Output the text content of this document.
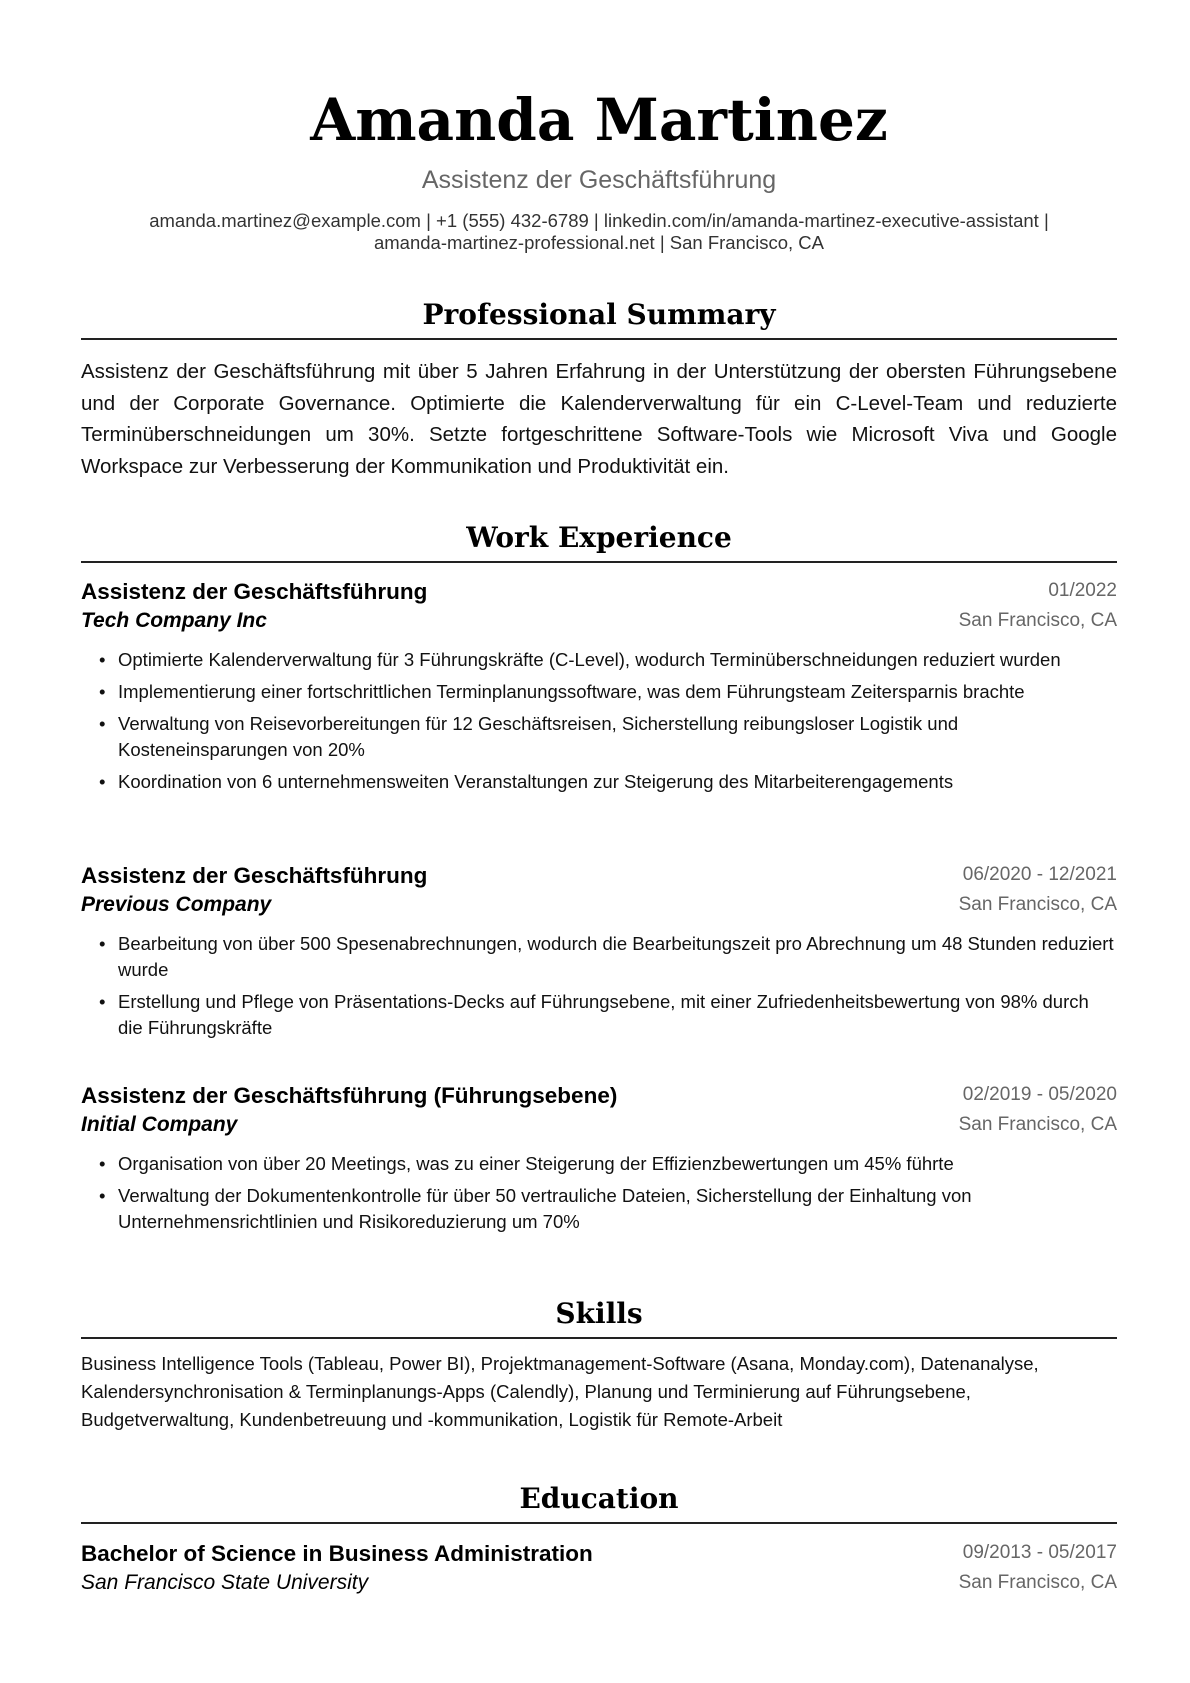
Amanda Martinez
Assistenz der Geschäftsführung
amanda.martinez@example.com | +1 (555) 432-6789 | linkedin.com/in/amanda-martinez-executive-assistant |
amanda-martinez-professional.net | San Francisco, CA
Professional Summary
Assistenz der Geschäftsführung mit über 5 Jahren Erfahrung in der Unterstützung der obersten Führungsebene und der Corporate Governance. Optimierte die Kalenderverwaltung für ein C-Level-Team und reduzierte Terminüberschneidungen um 30%. Setzte fortgeschrittene Software-Tools wie Microsoft Viva und Google Workspace zur Verbesserung der Kommunikation und Produktivität ein.
Work Experience
Assistenz der Geschäftsführung	01/2022
Tech Company Inc	San Francisco, CA
• Optimierte Kalenderverwaltung für 3 Führungskräfte (C-Level), wodurch Terminüberschneidungen reduziert wurden
• Implementierung einer fortschrittlichen Terminplanungssoftware, was dem Führungsteam Zeitersparnis brachte
• Verwaltung von Reisevorbereitungen für 12 Geschäftsreisen, Sicherstellung reibungsloser Logistik und Kosteneinsparungen von 20%
• Koordination von 6 unternehmensweiten Veranstaltungen zur Steigerung des Mitarbeiterengagements
Assistenz der Geschäftsführung	06/2020 - 12/2021
Previous Company	San Francisco, CA
• Bearbeitung von über 500 Spesenabrechnungen, wodurch die Bearbeitungszeit pro Abrechnung um 48 Stunden reduziert wurde
• Erstellung und Pflege von Präsentations-Decks auf Führungsebene, mit einer Zufriedenheitsbewertung von 98% durch die Führungskräfte
Assistenz der Geschäftsführung (Führungsebene)	02/2019 - 05/2020
Initial Company	San Francisco, CA
• Organisation von über 20 Meetings, was zu einer Steigerung der Effizienzbewertungen um 45% führte
• Verwaltung der Dokumentenkontrolle für über 50 vertrauliche Dateien, Sicherstellung der Einhaltung von Unternehmensrichtlinien und Risikoreduzierung um 70%
Skills
Business Intelligence Tools (Tableau, Power BI), Projektmanagement-Software (Asana, Monday.com), Datenanalyse, Kalendersynchronisation & Terminplanungs-Apps (Calendly), Planung und Terminierung auf Führungsebene, Budgetverwaltung, Kundenbetreuung und -kommunikation, Logistik für Remote-Arbeit
Education
Bachelor of Science in Business Administration	09/2013 - 05/2017
San Francisco State University	San Francisco, CA
